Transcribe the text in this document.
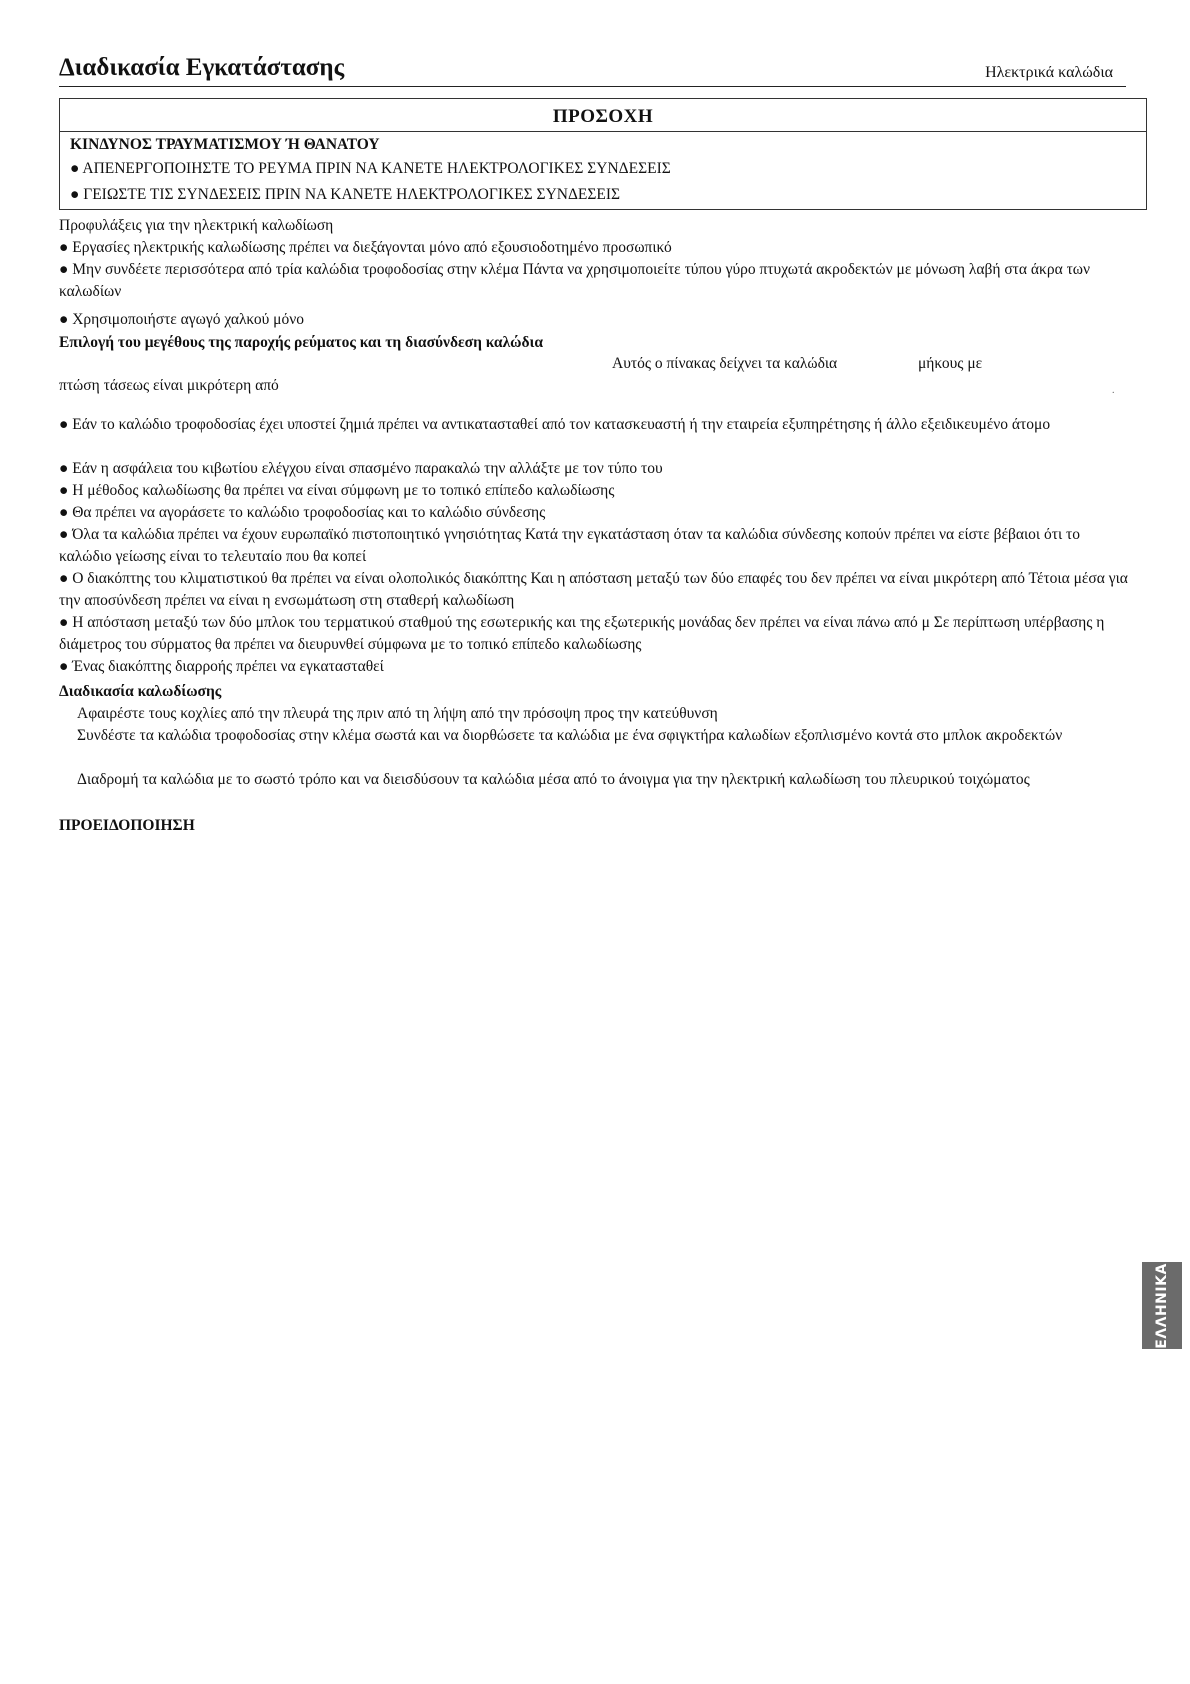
Διαδικασία Εγκατάστασης	Ηλεκτρικά καλώδια
ΠΡΟΣΟΧΗ
ΚΙΝΔΥΝΟΣ ΤΡΑΥΜΑΤΙΣΜΟΥ Ή ΘΑΝΑΤΟΥ
● ΑΠΕΝΕΡΓΟΠΟΙΗΣΤΕ ΤΟ ΡΕΥΜΑ ΠΡΙΝ ΝΑ ΚΑΝΕΤΕ ΗΛΕΚΤΡΟΛΟΓΙΚΕΣ ΣΥΝΔΕΣΕΙΣ
● ΓΕΙΩΣΤΕ ΤΙΣ ΣΥΝΔΕΣΕΙΣ ΠΡΙΝ ΝΑ ΚΑΝΕΤΕ ΗΛΕΚΤΡΟΛΟΓΙΚΕΣ ΣΥΝΔΕΣΕΙΣ
Προφυλάξεις για την ηλεκτρική καλωδίωση
● Εργασίες ηλεκτρικής καλωδίωσης πρέπει να διεξάγονται μόνο από εξουσιοδοτημένο προσωπικό
● Μην συνδέετε περισσότερα από τρία καλώδια τροφοδοσίας στην κλέμα Πάντα να χρησιμοποιείτε τύπου γύρο πτυχωτά ακροδεκτών με μόνωση λαβή στα άκρα των καλωδίων
● Χρησιμοποιήστε αγωγό χαλκού μόνο
Επιλογή του μεγέθους της παροχής ρεύματος και τη διασύνδεση καλώδια
Αυτός ο πίνακας δείχνει τα καλώδια	μήκους με
πτώση τάσεως είναι μικρότερη από	.
● Εάν το καλώδιο τροφοδοσίας έχει υποστεί ζημιά πρέπει να αντικατασταθεί από τον κατασκευαστή ή την εταιρεία εξυπηρέτησης ή άλλο εξειδικευμένο άτομο
● Εάν η ασφάλεια του κιβωτίου ελέγχου είναι σπασμένο παρακαλώ την αλλάξτε με τον τύπο του
● Η μέθοδος καλωδίωσης θα πρέπει να είναι σύμφωνη με το τοπικό επίπεδο καλωδίωσης
● Θα πρέπει να αγοράσετε το καλώδιο τροφοδοσίας και το καλώδιο σύνδεσης
● Όλα τα καλώδια πρέπει να έχουν ευρωπαϊκό πιστοποιητικό γνησιότητας Κατά την εγκατάσταση όταν τα καλώδια σύνδεσης κοπούν πρέπει να είστε βέβαιοι ότι το καλώδιο γείωσης είναι το τελευταίο που θα κοπεί
● Ο διακόπτης του κλιματιστικού θα πρέπει να είναι ολοπολικός διακόπτης Και η απόσταση μεταξύ των δύο επαφές του δεν πρέπει να είναι μικρότερη από Τέτοια μέσα για την αποσύνδεση πρέπει να είναι η ενσωμάτωση στη σταθερή καλωδίωση
● Η απόσταση μεταξύ των δύο μπλοκ του τερματικού σταθμού της εσωτερικής και της εξωτερικής μονάδας δεν πρέπει να είναι πάνω από μ Σε περίπτωση υπέρβασης η διάμετρος του σύρματος θα πρέπει να διευρυνθεί σύμφωνα με το τοπικό επίπεδο καλωδίωσης
● Ένας διακόπτης διαρροής πρέπει να εγκατασταθεί
Διαδικασία καλωδίωσης
Αφαιρέστε τους κοχλίες από την πλευρά της πριν από τη λήψη από την πρόσοψη προς την κατεύθυνση
Συνδέστε τα καλώδια τροφοδοσίας στην κλέμα σωστά και να διορθώσετε τα καλώδια με ένα σφιγκτήρα καλωδίων εξοπλισμένο κοντά στο μπλοκ ακροδεκτών
Διαδρομή τα καλώδια με το σωστό τρόπο και να διεισδύσουν τα καλώδια μέσα από το άνοιγμα για την ηλεκτρική καλωδίωση του πλευρικού τοιχώματος
ΠΡΟΕΙΔΟΠΟΙΗΣΗ
ΕΛΛΗΝΙΚΑ
